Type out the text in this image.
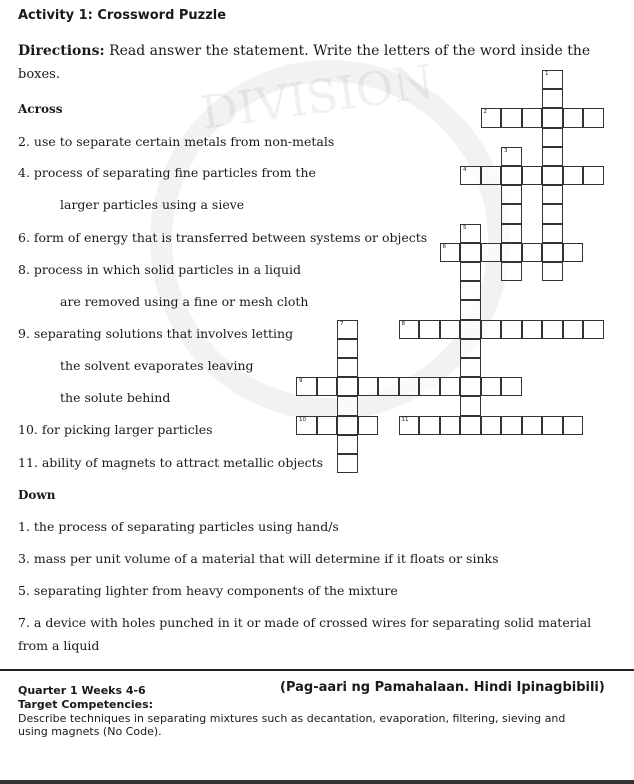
DIVISION
Activity 1: Crossword Puzzle
Directions: Read answer the statement. Write the letters of the word inside the
boxes.
Across
2. use to separate certain metals from non-metals
4. process of separating fine particles from the
larger particles using a sieve
6. form of energy that is transferred between systems or objects
8. process in which solid particles in a liquid
are removed using a fine or mesh cloth
9. separating solutions that involves letting
the solvent evaporates leaving
the solute behind
10. for picking larger particles
11. ability of magnets to attract metallic objects
Down
1. the process of separating particles using hand/s
3. mass per unit volume of a material that will determine if it floats or sinks
5. separating lighter from heavy components of the mixture
7. a device with holes punched in it or made of crossed wires for separating solid material
from a liquid
1
2
3
4
5
6
7	8
9
10	11
Quarter 1 Weeks 4-6	(Pag-aari ng Pamahalaan. Hindi Ipinagbibili)
Target Competencies:
Describe techniques in separating mixtures such as decantation, evaporation, filtering, sieving and
using magnets (No Code).
